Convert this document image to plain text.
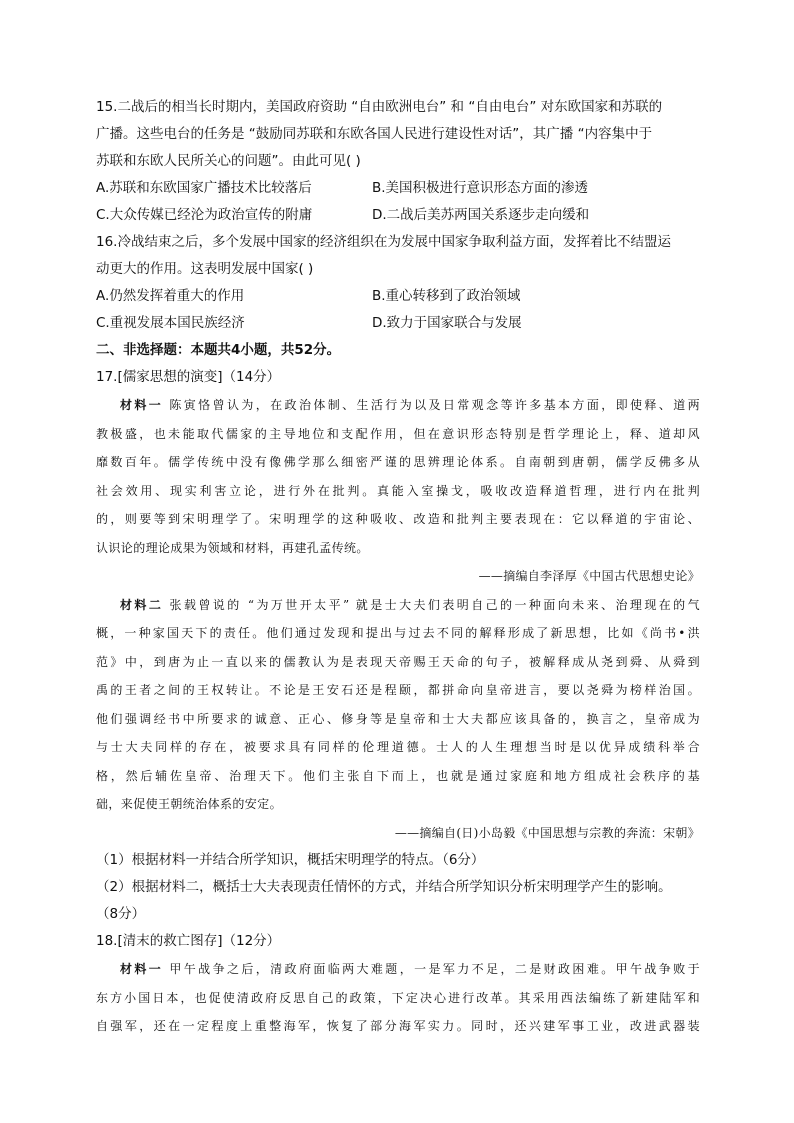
15.二战后的相当长时期内，美国政府资助 “自由欧洲电台” 和 “自由电台” 对东欧国家和苏联的
广播。这些电台的任务是 “鼓励同苏联和东欧各国人民进行建设性对话”，其广播 “内容集中于
苏联和东欧人民所关心的问题”。由此可见( )
A.苏联和东欧国家广播技术比较落后	B.美国积极进行意识形态方面的渗透
C.大众传媒已经沦为政治宣传的附庸	D.二战后美苏两国关系逐步走向缓和
16.冷战结束之后，多个发展中国家的经济组织在为发展中国家争取利益方面，发挥着比不结盟运
动更大的作用。这表明发展中国家( )
A.仍然发挥着重大的作用	B.重心转移到了政治领域
C.重视发展本国民族经济	D.致力于国家联合与发展
二、非选择题：本题共4小题，共52分。
17.[儒家思想的演变]（14分）
材料一 陈寅恪曾认为，在政治体制、生活行为以及日常观念等许多基本方面，即使释、道两
教极盛，也未能取代儒家的主导地位和支配作用，但在意识形态特别是哲学理论上，释、道却风
靡数百年。儒学传统中没有像佛学那么细密严谨的思辨理论体系。自南朝到唐朝，儒学反佛多从
社会效用、现实利害立论，进行外在批判。真能入室操戈，吸收改造释道哲理，进行内在批判
的，则要等到宋明理学了。宋明理学的这种吸收、改造和批判主要表现在：它以释道的宇宙论、
认识论的理论成果为领域和材料，再建孔孟传统。
——摘编自李泽厚《中国古代思想史论》
材料二 张载曾说的 “为万世开太平” 就是士大夫们表明自己的一种面向未来、治理现在的气
概，一种家国天下的责任。他们通过发现和提出与过去不同的解释形成了新思想，比如《尚书•洪
范》中，到唐为止一直以来的儒教认为是表现天帝赐王天命的句子，被解释成从尧到舜、从舜到
禹的王者之间的王权转让。不论是王安石还是程颐，都拼命向皇帝进言，要以尧舜为榜样治国。
他们强调经书中所要求的诚意、正心、修身等是皇帝和士大夫都应该具备的，换言之，皇帝成为
与士大夫同样的存在，被要求具有同样的伦理道德。士人的人生理想当时是以优异成绩科举合
格，然后辅佐皇帝、治理天下。他们主张自下而上，也就是通过家庭和地方组成社会秩序的基
础，来促使王朝统治体系的安定。
——摘编自(日)小岛毅《中国思想与宗教的奔流：宋朝》
（1）根据材料一并结合所学知识，概括宋明理学的特点。（6分）
（2）根据材料二，概括士大夫表现责任情怀的方式，并结合所学知识分析宋明理学产生的影响。
（8分）
18.[清末的救亡图存]（12分）
材料一 甲午战争之后，清政府面临两大难题，一是军力不足，二是财政困难。甲午战争败于
东方小国日本，也促使清政府反思自己的政策，下定决心进行改革。其采用西法编练了新建陆军和
自强军，还在一定程度上重整海军，恢复了部分海军实力。同时，还兴建军事工业，改进武器装
